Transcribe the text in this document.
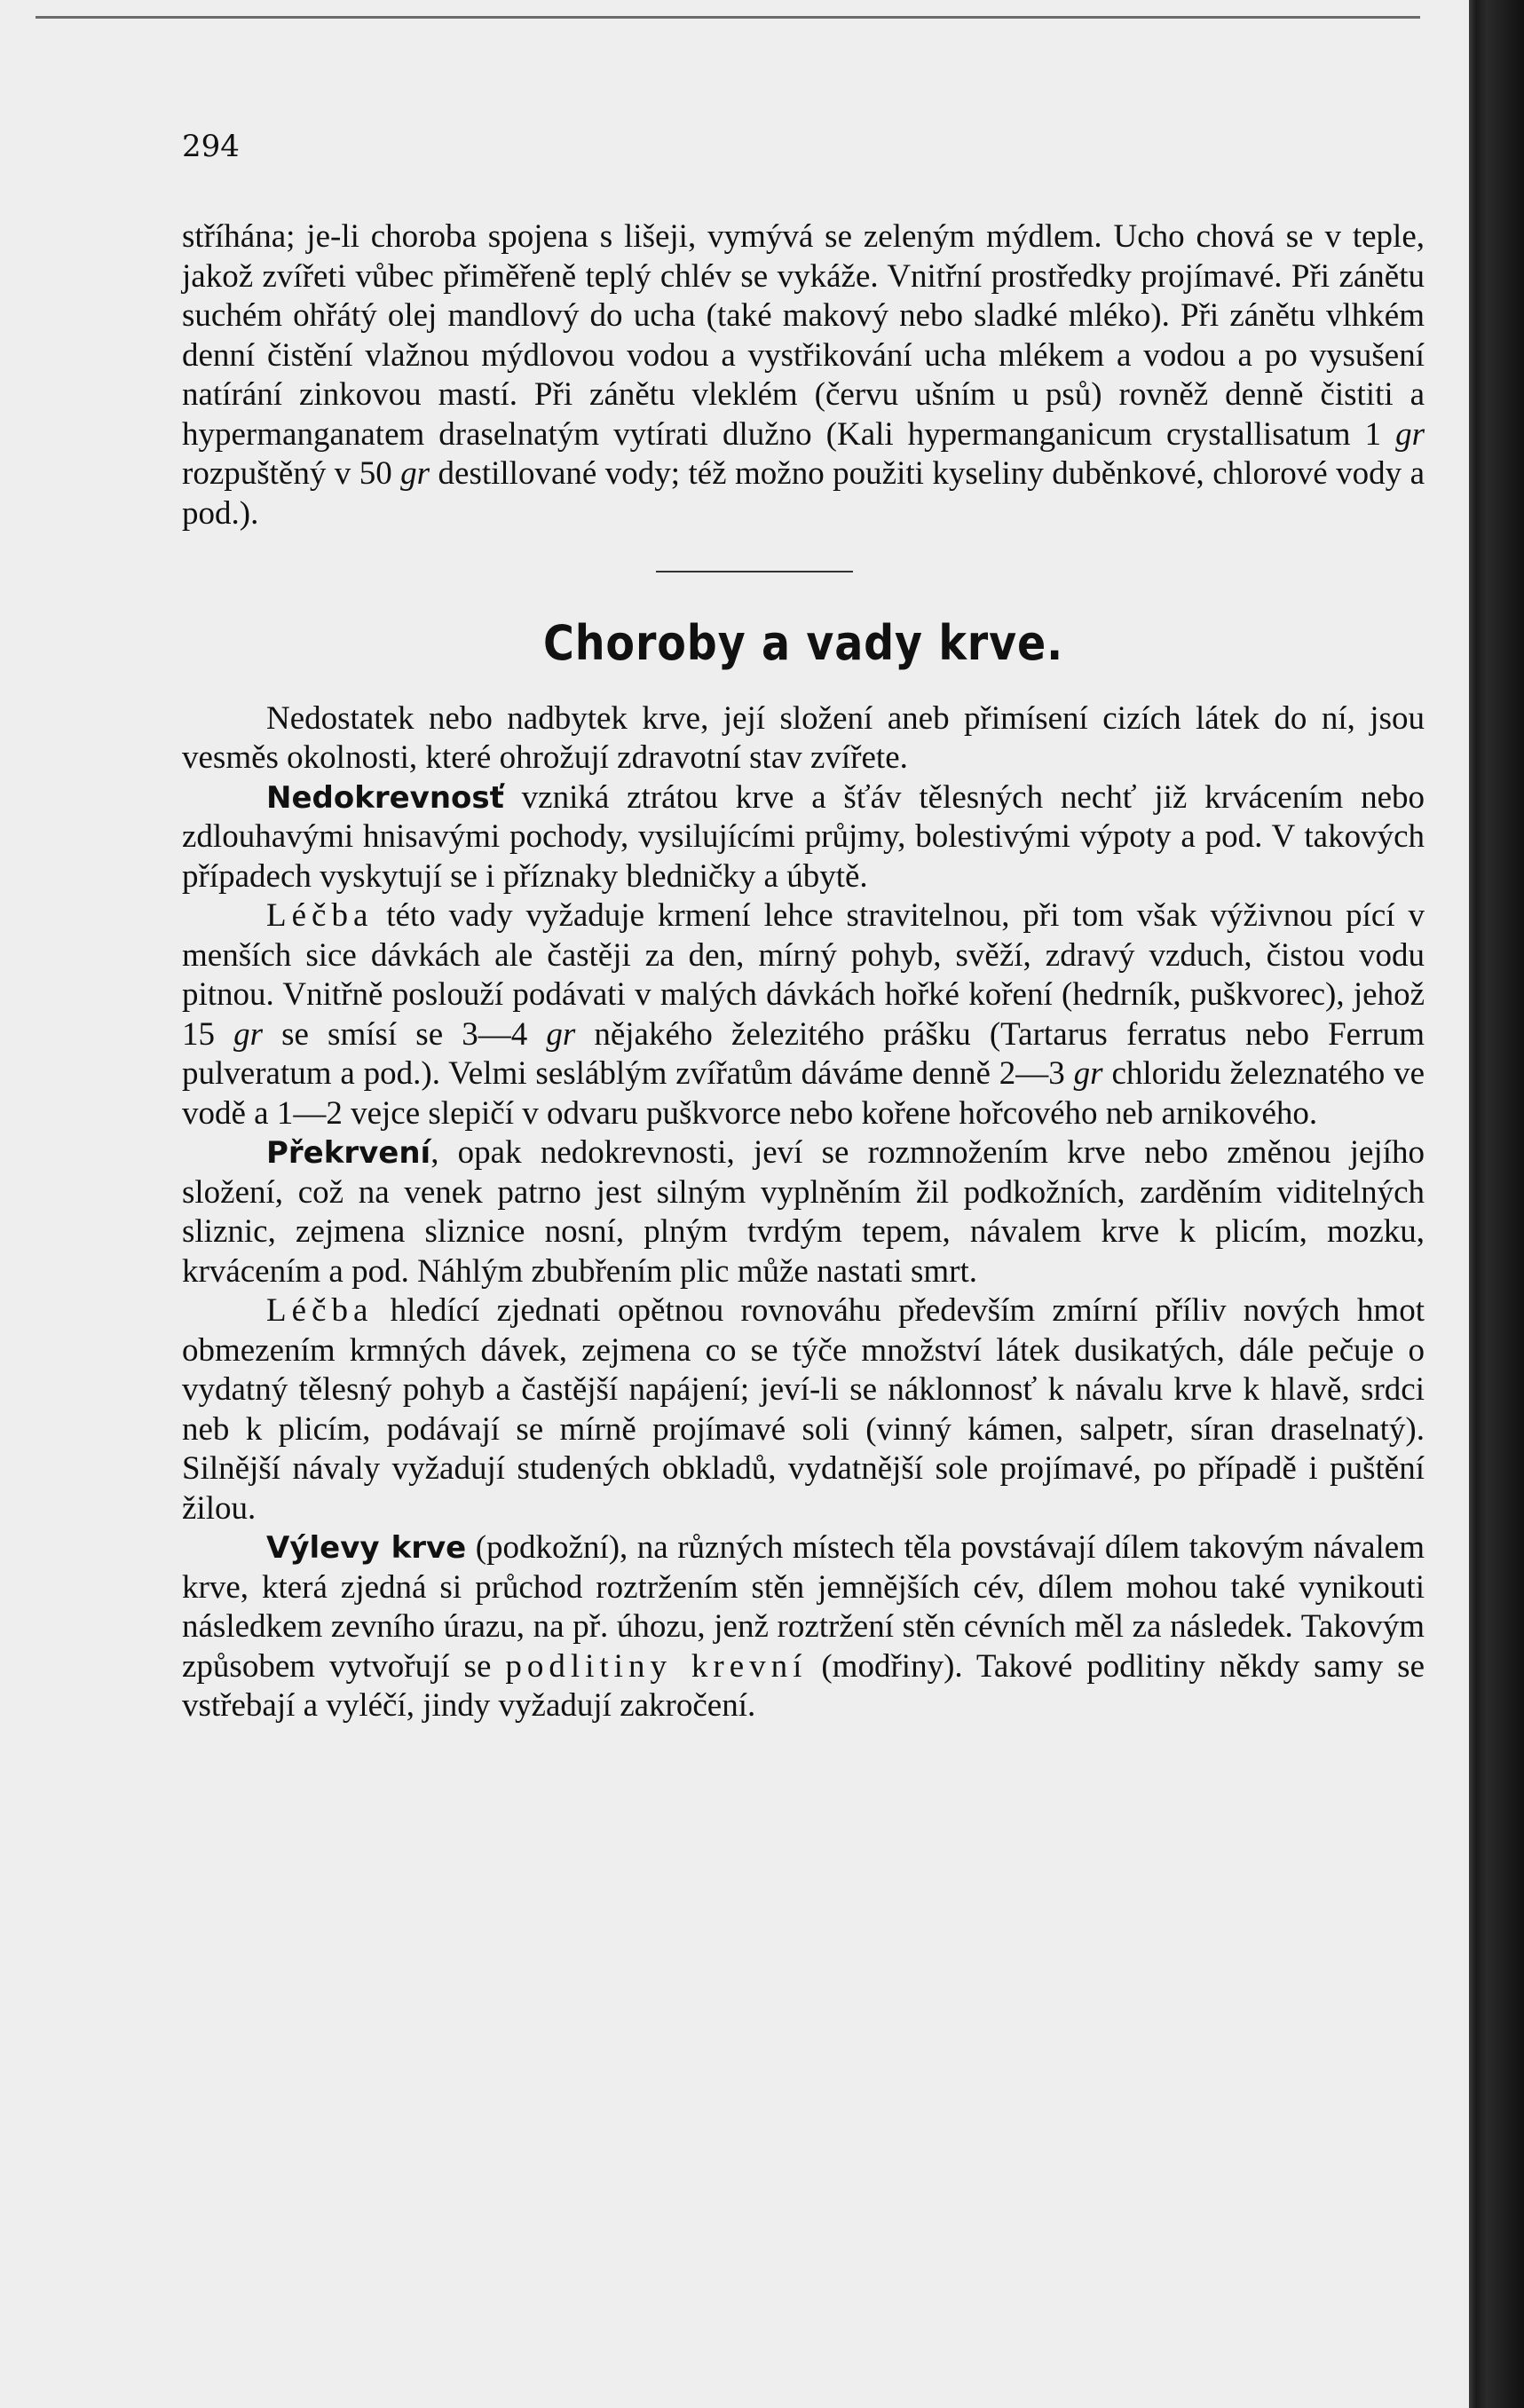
294

stříhána; je-li choroba spojena s lišeji, vymývá se zeleným mýdlem. Ucho chová se v teple, jakož zvířeti vůbec přiměřeně teplý chlév se vykáže. Vnitřní prostředky projímavé. Při zánětu suchém ohřátý olej mandlový do ucha (také makový nebo sladké mléko). Při zánětu vlhkém denní čistění vlažnou mýdlovou vodou a vystřikování ucha mlékem a vodou a po vysušení natírání zinkovou mastí. Při zánětu vleklém (červu ušním u psů) rovněž denně čistiti a hypermanganatem draselnatým vytírati dlužno (Kali hypermanganicum crystallisatum 1 gr rozpuštěný v 50 gr destillované vody; též možno použiti kyseliny duběnkové, chlorové vody a pod.).

Choroby a vady krve.

Nedostatek nebo nadbytek krve, její složení aneb přimísení cizích látek do ní, jsou vesměs okolnosti, které ohrožují zdravotní stav zvířete.

Nedokrevnosť vzniká ztrátou krve a šťáv tělesných nechť již krvácením nebo zdlouhavými hnisavými pochody, vysilujícími průjmy, bolestivými výpoty a pod. V takových případech vyskytují se i příznaky bledničky a úbytě.

Léčba této vady vyžaduje krmení lehce stravitelnou, při tom však výživnou pící v menších sice dávkách ale častěji za den, mírný pohyb, svěží, zdravý vzduch, čistou vodu pitnou. Vnitřně poslouží podávati v malých dávkách hořké koření (hedrník, puškvorec), jehož 15 gr se smísí se 3—4 gr nějakého železitého prášku (Tartarus ferratus nebo Ferrum pulveratum a pod.). Velmi sesláblým zvířatům dáváme denně 2—3 gr chloridu železnatého ve vodě a 1—2 vejce slepičí v odvaru puškvorce nebo kořene hořcového neb arnikového.

Překrvení, opak nedokrevnosti, jeví se rozmnožením krve nebo změnou jejího složení, což na venek patrno jest silným vyplněním žil podkožních, zarděním viditelných sliznic, zejmena sliznice nosní, plným tvrdým tepem, návalem krve k plicím, mozku, krvácením a pod. Náhlým zbubřením plic může nastati smrt.

Léčba hledící zjednati opětnou rovnováhu především zmírní příliv nových hmot obmezením krmných dávek, zejmena co se týče množství látek dusikatých, dále pečuje o vydatný tělesný pohyb a častější napájení; jeví-li se náklonnosť k návalu krve k hlavě, srdci neb k plicím, podávají se mírně projímavé soli (vinný kámen, salpetr, síran draselnatý). Silnější návaly vyžadují studených obkladů, vydatnější sole projímavé, po případě i puštění žilou.

Výlevy krve (podkožní), na různých místech těla povstávají dílem takovým návalem krve, která zjedná si průchod roztržením stěn jemnějších cév, dílem mohou také vynikouti následkem zevního úrazu, na př. úhozu, jenž roztržení stěn cévních měl za následek. Takovým způsobem vytvořují se podlitiny krevní (modřiny). Takové podlitiny někdy samy se vstřebají a vyléčí, jindy vyžadují zakročení.
